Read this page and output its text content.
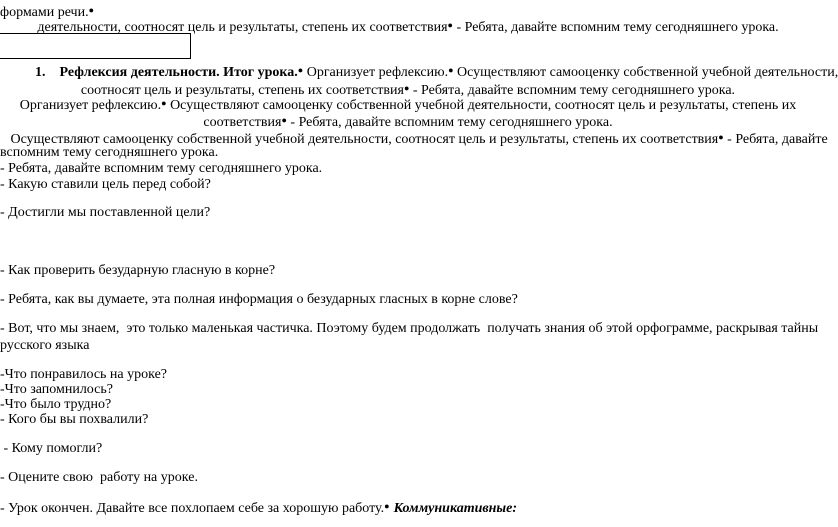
формами речи.●
деятельности, соотносят цель и результаты, степень их соответствия● - Ребята, давайте вспомним тему сегодняшнего урока.
1. Рефлексия деятельности. Итог урока.● Организует рефлексию.● Осуществляют самооценку собственной учебной деятельности,
соотносят цель и результаты, степень их соответствия● - Ребята, давайте вспомним тему сегодняшнего урока.
Организует рефлексию.● Осуществляют самооценку собственной учебной деятельности, соотносят цель и результаты, степень их
соответствия● - Ребята, давайте вспомним тему сегодняшнего урока.
Осуществляют самооценку собственной учебной деятельности, соотносят цель и результаты, степень их соответствия● - Ребята, давайте
вспомним тему сегодняшнего урока.
- Ребята, давайте вспомним тему сегодняшнего урока.
- Какую ставили цель перед собой?
- Достигли мы поставленной цели?
- Как проверить безударную гласную в корне?
- Ребята, как вы думаете, эта полная информация о безударных гласных в корне слове?
- Вот, что мы знаем,  это только маленькая частичка. Поэтому будем продолжать  получать знания об этой орфограмме, раскрывая тайны
русского языка
-Что понравилось на уроке?
-Что запомнилось?
-Что было трудно?
- Кого бы вы похвалили?
- Кому помогли?
- Оцените свою  работу на уроке.
- Урок окончен. Давайте все похлопаем себе за хорошую работу.● Коммуникативные:
